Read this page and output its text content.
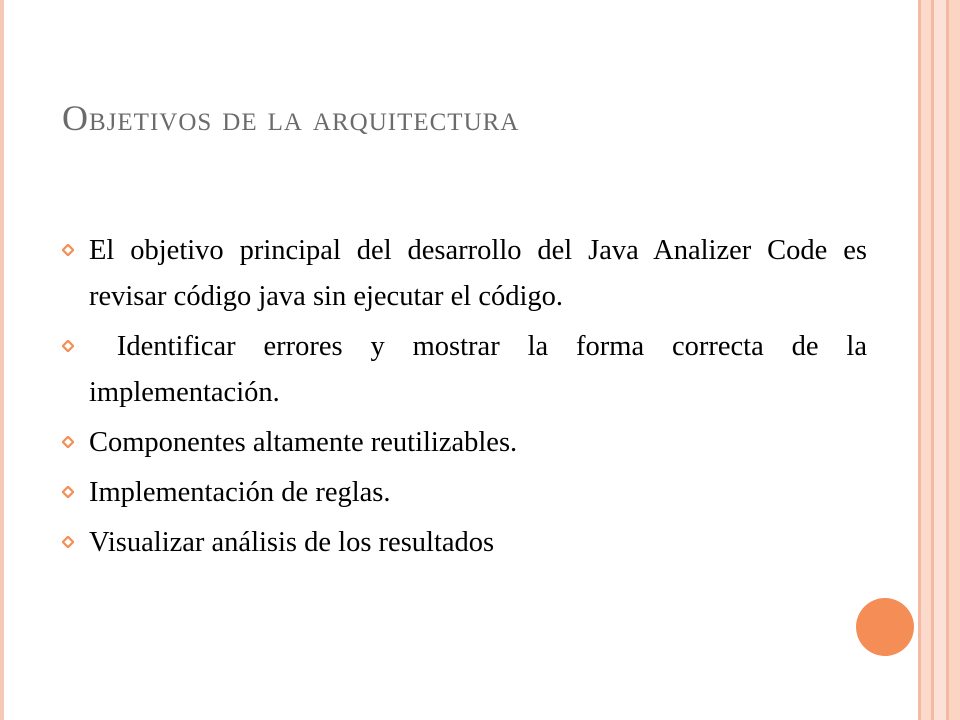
Objetivos de la arquitectura
El objetivo principal del desarrollo del Java Analizer Code es revisar código java sin ejecutar el código.
Identificar errores y mostrar la forma correcta de la implementación.
Componentes altamente reutilizables.
Implementación de reglas.
Visualizar análisis de los resultados
